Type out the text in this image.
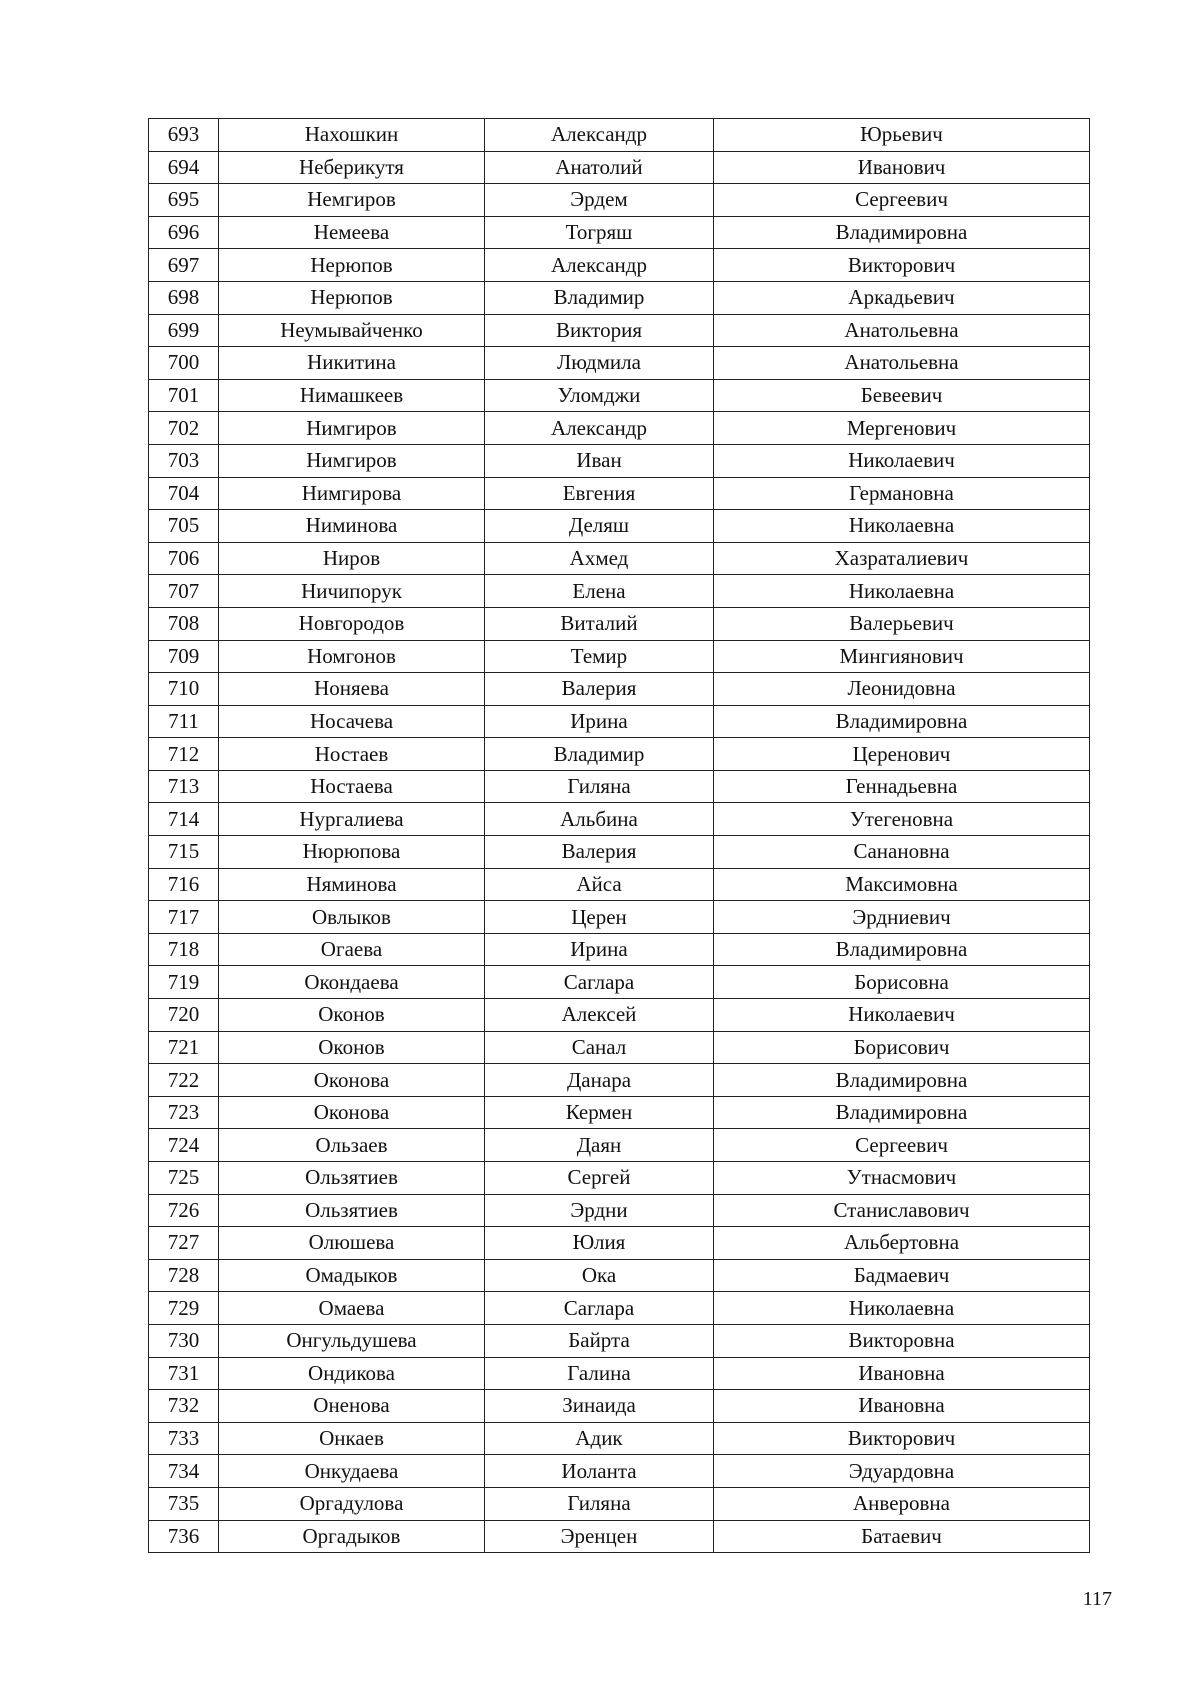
693	Нахошкин	Александр	Юрьевич
694	Неберикутя	Анатолий	Иванович
695	Немгиров	Эрдем	Сергеевич
696	Немеева	Тогряш	Владимировна
697	Нерюпов	Александр	Викторович
698	Нерюпов	Владимир	Аркадьевич
699	Неумывайченко	Виктория	Анатольевна
700	Никитина	Людмила	Анатольевна
701	Нимашкеев	Уломджи	Бевеевич
702	Нимгиров	Александр	Мергенович
703	Нимгиров	Иван	Николаевич
704	Нимгирова	Евгения	Германовна
705	Ниминова	Деляш	Николаевна
706	Ниров	Ахмед	Хазраталиевич
707	Ничипорук	Елена	Николаевна
708	Новгородов	Виталий	Валерьевич
709	Номгонов	Темир	Мингиянович
710	Ноняева	Валерия	Леонидовна
711	Носачева	Ирина	Владимировна
712	Ностаев	Владимир	Церенович
713	Ностаева	Гиляна	Геннадьевна
714	Нургалиева	Альбина	Утегеновна
715	Нюрюпова	Валерия	Санановна
716	Няминова	Айса	Максимовна
717	Овлыков	Церен	Эрдниевич
718	Огаева	Ирина	Владимировна
719	Окондаева	Саглара	Борисовна
720	Оконов	Алексей	Николаевич
721	Оконов	Санал	Борисович
722	Оконова	Данара	Владимировна
723	Оконова	Кермен	Владимировна
724	Ользаев	Даян	Сергеевич
725	Ользятиев	Сергей	Утнасмович
726	Ользятиев	Эрдни	Станиславович
727	Олюшева	Юлия	Альбертовна
728	Омадыков	Ока	Бадмаевич
729	Омаева	Саглара	Николаевна
730	Онгульдушева	Байрта	Викторовна
731	Ондикова	Галина	Ивановна
732	Оненова	Зинаида	Ивановна
733	Онкаев	Адик	Викторович
734	Онкудаева	Иоланта	Эдуардовна
735	Оргадулова	Гиляна	Анверовна
736	Оргадыков	Эренцен	Батаевич
117
